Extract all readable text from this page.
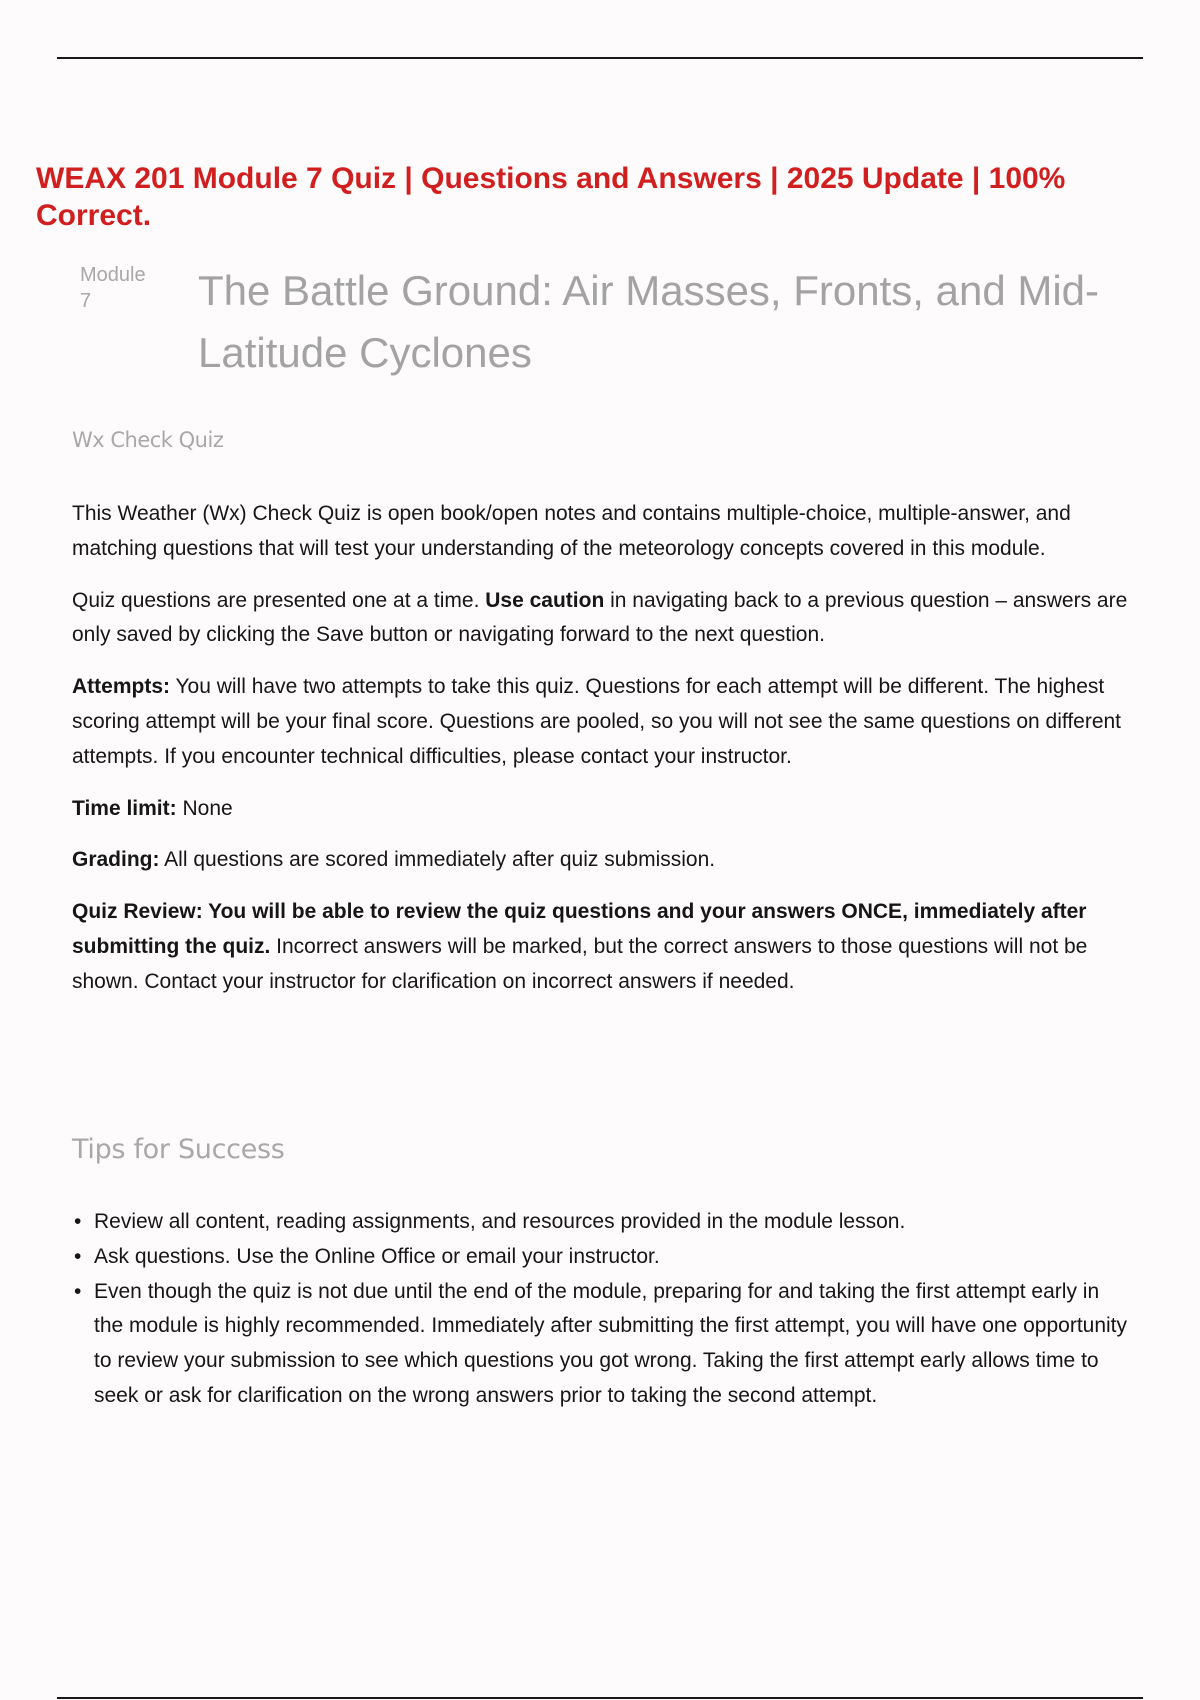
WEAX 201 Module 7 Quiz | Questions and Answers | 2025 Update | 100% Correct.
Module
7	The Battle Ground: Air Masses, Fronts, and Mid-Latitude Cyclones
Wx Check Quiz

This Weather (Wx) Check Quiz is open book/open notes and contains multiple-choice, multiple-answer, and matching questions that will test your understanding of the meteorology concepts covered in this module.

Quiz questions are presented one at a time. Use caution in navigating back to a previous question – answers are only saved by clicking the Save button or navigating forward to the next question.

Attempts: You will have two attempts to take this quiz. Questions for each attempt will be different. The highest scoring attempt will be your final score. Questions are pooled, so you will not see the same questions on different attempts. If you encounter technical difficulties, please contact your instructor.

Time limit: None

Grading: All questions are scored immediately after quiz submission.

Quiz Review: You will be able to review the quiz questions and your answers ONCE, immediately after submitting the quiz. Incorrect answers will be marked, but the correct answers to those questions will not be shown. Contact your instructor for clarification on incorrect answers if needed.

Tips for Success
• Review all content, reading assignments, and resources provided in the module lesson.
• Ask questions. Use the Online Office or email your instructor.
• Even though the quiz is not due until the end of the module, preparing for and taking the first attempt early in the module is highly recommended. Immediately after submitting the first attempt, you will have one opportunity to review your submission to see which questions you got wrong. Taking the first attempt early allows time to seek or ask for clarification on the wrong answers prior to taking the second attempt.
